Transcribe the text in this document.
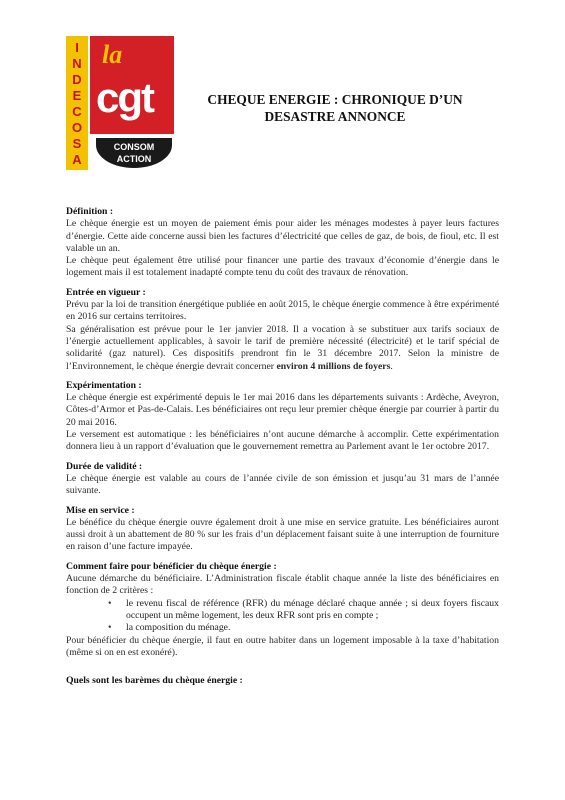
I
N
D
E
C
O
S
A
la
cgt
CONSOM
ACTION
CHEQUE ENERGIE : CHRONIQUE D’UN
DESASTRE ANNONCE
Définition :
Le chèque énergie est un moyen de paiement émis pour aider les ménages modestes à payer leurs factures d’énergie. Cette aide concerne aussi bien les factures d’électricité que celles de gaz, de bois, de fioul, etc. Il est valable un an.
Le chèque peut également être utilisé pour financer une partie des travaux d’économie d’énergie dans le logement mais il est totalement inadapté compte tenu du coût des travaux de rénovation.
Entrée en vigueur :
Prévu par la loi de transition énergétique publiée en août 2015, le chèque énergie commence à être expérimenté en 2016 sur certains territoires.
Sa généralisation est prévue pour le 1er janvier 2018. Il a vocation à se substituer aux tarifs sociaux de l’énergie actuellement applicables, à savoir le tarif de première nécessité (électricité) et le tarif spécial de solidarité (gaz naturel). Ces dispositifs prendront fin le 31 décembre 2017. Selon la ministre de l’Environnement, le chèque énergie devrait concerner environ 4 millions de foyers.
Expérimentation :
Le chèque énergie est expérimenté depuis le 1er mai 2016 dans les départements suivants : Ardèche, Aveyron, Côtes-d’Armor et Pas-de-Calais. Les bénéficiaires ont reçu leur premier chèque énergie par courrier à partir du 20 mai 2016.
Le versement est automatique : les bénéficiaires n’ont aucune démarche à accomplir. Cette expérimentation donnera lieu à un rapport d’évaluation que le gouvernement remettra au Parlement avant le 1er octobre 2017.
Durée de validité :
Le chèque énergie est valable au cours de l’année civile de son émission et jusqu’au 31 mars de l’année suivante.
Mise en service :
Le bénéfice du chèque énergie ouvre également droit à une mise en service gratuite. Les bénéficiaires auront aussi droit à un abattement de 80 % sur les frais d’un déplacement faisant suite à une interruption de fourniture en raison d’une facture impayée.
Comment faire pour bénéficier du chèque énergie :
Aucune démarche du bénéficiaire. L’Administration fiscale établit chaque année la liste des bénéficiaires en fonction de 2 critères :
• le revenu fiscal de référence (RFR) du ménage déclaré chaque année ; si deux foyers fiscaux occupent un même logement, les deux RFR sont pris en compte ;
• la composition du ménage.
Pour bénéficier du chèque énergie, il faut en outre habiter dans un logement imposable à la taxe d’habitation (même si on en est exonéré).
Quels sont les barèmes du chèque énergie :
